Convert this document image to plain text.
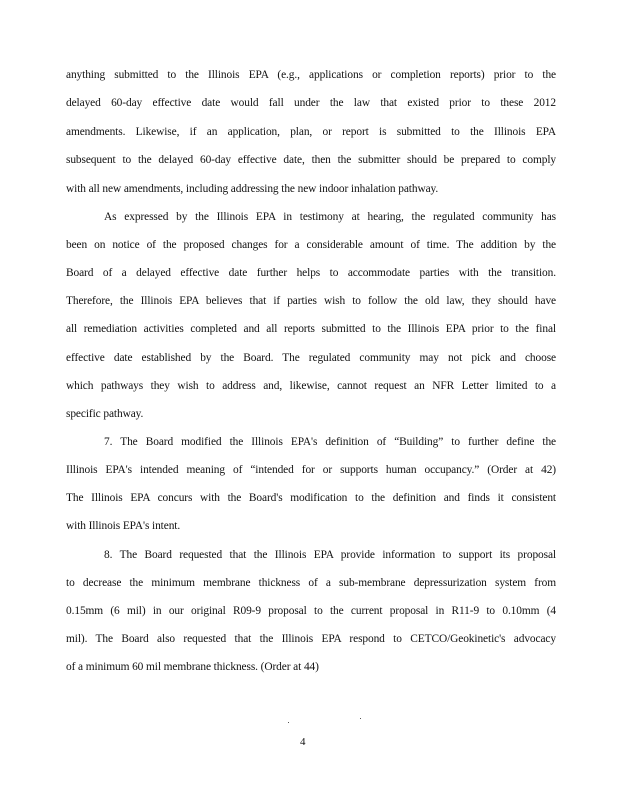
anything submitted to the Illinois EPA (e.g., applications or completion reports) prior to the
delayed 60-day effective date would fall under the law that existed prior to these 2012
amendments. Likewise, if an application, plan, or report is submitted to the Illinois EPA
subsequent to the delayed 60-day effective date, then the submitter should be prepared to comply
with all new amendments, including addressing the new indoor inhalation pathway.
As expressed by the Illinois EPA in testimony at hearing, the regulated community has
been on notice of the proposed changes for a considerable amount of time. The addition by the
Board of a delayed effective date further helps to accommodate parties with the transition.
Therefore, the Illinois EPA believes that if parties wish to follow the old law, they should have
all remediation activities completed and all reports submitted to the Illinois EPA prior to the final
effective date established by the Board. The regulated community may not pick and choose
which pathways they wish to address and, likewise, cannot request an NFR Letter limited to a
specific pathway.
7. The Board modified the Illinois EPA's definition of “Building” to further define the
Illinois EPA's intended meaning of “intended for or supports human occupancy.” (Order at 42)
The Illinois EPA concurs with the Board's modification to the definition and finds it consistent
with Illinois EPA's intent.
8. The Board requested that the Illinois EPA provide information to support its proposal
to decrease the minimum membrane thickness of a sub-membrane depressurization system from
0.15mm (6 mil) in our original R09-9 proposal to the current proposal in R11-9 to 0.10mm (4
mil). The Board also requested that the Illinois EPA respond to CETCO/Geokinetic's advocacy
of a minimum 60 mil membrane thickness. (Order at 44)
4
